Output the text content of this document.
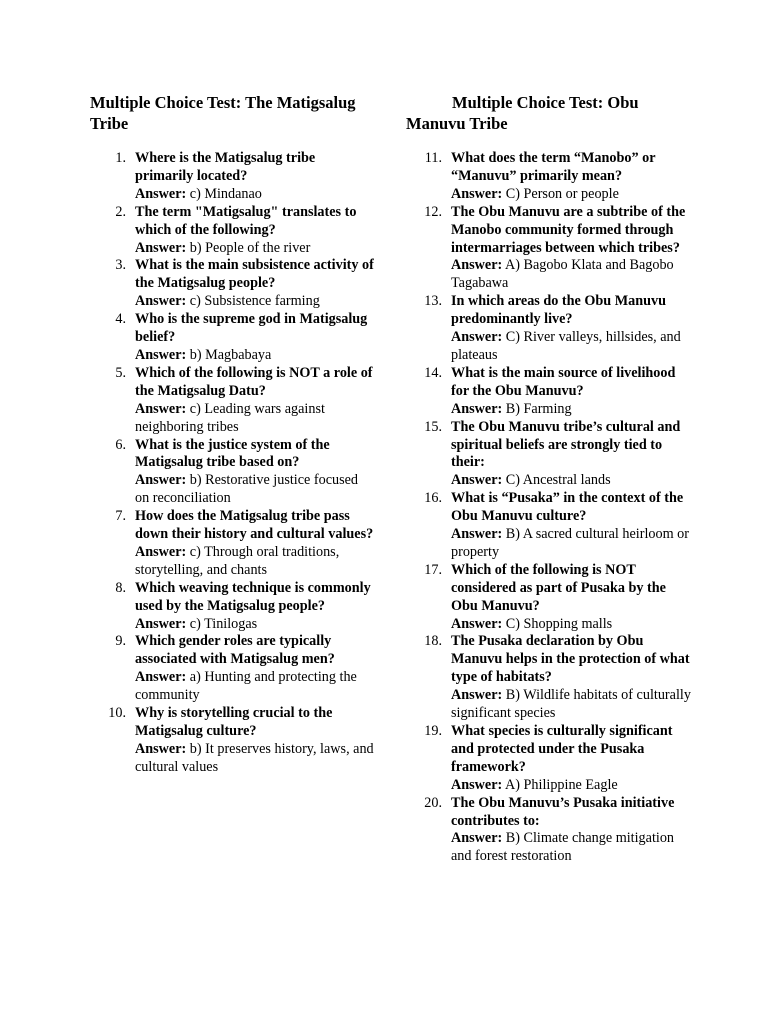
Multiple Choice Test: The Matigsalug Tribe
1. Where is the Matigsalug tribe primarily located?
Answer: c) Mindanao
2. The term "Matigsalug" translates to which of the following?
Answer: b) People of the river
3. What is the main subsistence activity of the Matigsalug people?
Answer: c) Subsistence farming
4. Who is the supreme god in Matigsalug belief?
Answer: b) Magbabaya
5. Which of the following is NOT a role of the Matigsalug Datu?
Answer: c) Leading wars against neighboring tribes
6. What is the justice system of the Matigsalug tribe based on?
Answer: b) Restorative justice focused on reconciliation
7. How does the Matigsalug tribe pass down their history and cultural values?
Answer: c) Through oral traditions, storytelling, and chants
8. Which weaving technique is commonly used by the Matigsalug people?
Answer: c) Tinilogas
9. Which gender roles are typically associated with Matigsalug men?
Answer: a) Hunting and protecting the community
10. Why is storytelling crucial to the Matigsalug culture?
Answer: b) It preserves history, laws, and cultural values
Multiple Choice Test: Obu Manuvu Tribe
11. What does the term “Manobo” or “Manuvu” primarily mean?
Answer: C) Person or people
12. The Obu Manuvu are a subtribe of the Manobo community formed through intermarriages between which tribes?
Answer: A) Bagobo Klata and Bagobo Tagabawa
13. In which areas do the Obu Manuvu predominantly live?
Answer: C) River valleys, hillsides, and plateaus
14. What is the main source of livelihood for the Obu Manuvu?
Answer: B) Farming
15. The Obu Manuvu tribe’s cultural and spiritual beliefs are strongly tied to their:
Answer: C) Ancestral lands
16. What is “Pusaka” in the context of the Obu Manuvu culture?
Answer: B) A sacred cultural heirloom or property
17. Which of the following is NOT considered as part of Pusaka by the Obu Manuvu?
Answer: C) Shopping malls
18. The Pusaka declaration by Obu Manuvu helps in the protection of what type of habitats?
Answer: B) Wildlife habitats of culturally significant species
19. What species is culturally significant and protected under the Pusaka framework?
Answer: A) Philippine Eagle
20. The Obu Manuvu’s Pusaka initiative contributes to:
Answer: B) Climate change mitigation and forest restoration
